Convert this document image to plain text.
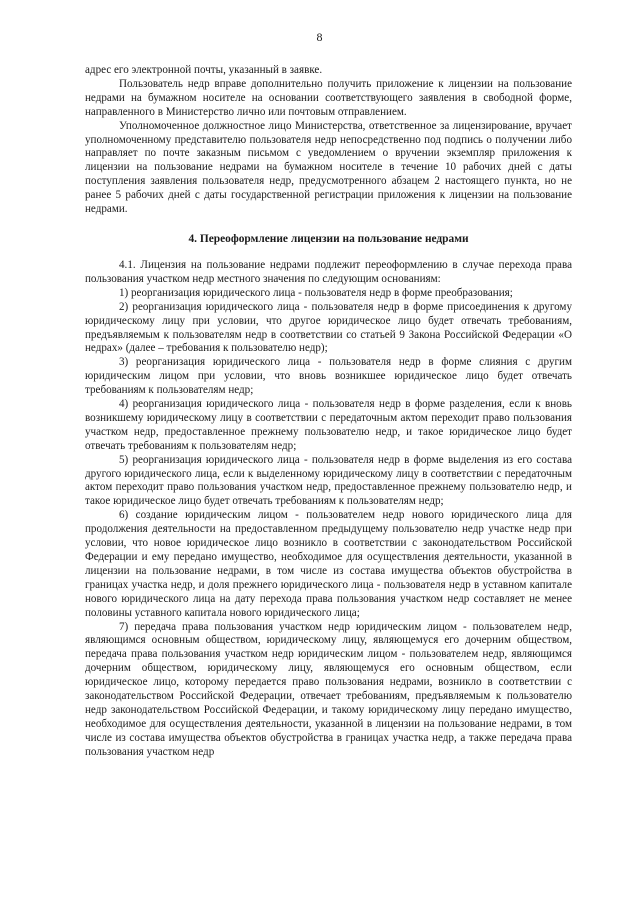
8

адрес его электронной почты, указанный в заявке.

Пользователь недр вправе дополнительно получить приложение к лицензии на пользование недрами на бумажном носителе на основании соответствующего заявления в свободной форме, направленного в Министерство лично или почтовым отправлением.

Уполномоченное должностное лицо Министерства, ответственное за лицензирование, вручает уполномоченному представителю пользователя недр непосредственно под подпись о получении либо направляет по почте заказным письмом с уведомлением о вручении экземпляр приложения к лицензии на пользование недрами на бумажном носителе в течение 10 рабочих дней с даты поступления заявления пользователя недр, предусмотренного абзацем 2 настоящего пункта, но не ранее 5 рабочих дней с даты государственной регистрации приложения к лицензии на пользование недрами.

4. Переоформление лицензии на пользование недрами

4.1. Лицензия на пользование недрами подлежит переоформлению в случае перехода права пользования участком недр местного значения по следующим основаниям:

1) реорганизация юридического лица - пользователя недр в форме преобразования;

2) реорганизация юридического лица - пользователя недр в форме присоединения к другому юридическому лицу при условии, что другое юридическое лицо будет отвечать требованиям, предъявляемым к пользователям недр в соответствии со статьей 9 Закона Российской Федерации «О недрах» (далее – требования к пользователю недр);

3) реорганизация юридического лица - пользователя недр в форме слияния с другим юридическим лицом при условии, что вновь возникшее юридическое лицо будет отвечать требованиям к пользователям недр;

4) реорганизация юридического лица - пользователя недр в форме разделения, если к вновь возникшему юридическому лицу в соответствии с передаточным актом переходит право пользования участком недр, предоставленное прежнему пользователю недр, и такое юридическое лицо будет отвечать требованиям к пользователям недр;

5) реорганизация юридического лица - пользователя недр в форме выделения из его состава другого юридического лица, если к выделенному юридическому лицу в соответствии с передаточным актом переходит право пользования участком недр, предоставленное прежнему пользователю недр, и такое юридическое лицо будет отвечать требованиям к пользователям недр;

6) создание юридическим лицом - пользователем недр нового юридического лица для продолжения деятельности на предоставленном предыдущему пользователю недр участке недр при условии, что новое юридическое лицо возникло в соответствии с законодательством Российской Федерации и ему передано имущество, необходимое для осуществления деятельности, указанной в лицензии на пользование недрами, в том числе из состава имущества объектов обустройства в границах участка недр, и доля прежнего юридического лица - пользователя недр в уставном капитале нового юридического лица на дату перехода права пользования участком недр составляет не менее половины уставного капитала нового юридического лица;

7) передача права пользования участком недр юридическим лицом - пользователем недр, являющимся основным обществом, юридическому лицу, являющемуся его дочерним обществом, передача права пользования участком недр юридическим лицом - пользователем недр, являющимся дочерним обществом, юридическому лицу, являющемуся его основным обществом, если юридическое лицо, которому передается право пользования недрами, возникло в соответствии с законодательством Российской Федерации, отвечает требованиям, предъявляемым к пользователю недр законодательством Российской Федерации, и такому юридическому лицу передано имущество, необходимое для осуществления деятельности, указанной в лицензии на пользование недрами, в том числе из состава имущества объектов обустройства в границах участка недр, а также передача права пользования участком недр
